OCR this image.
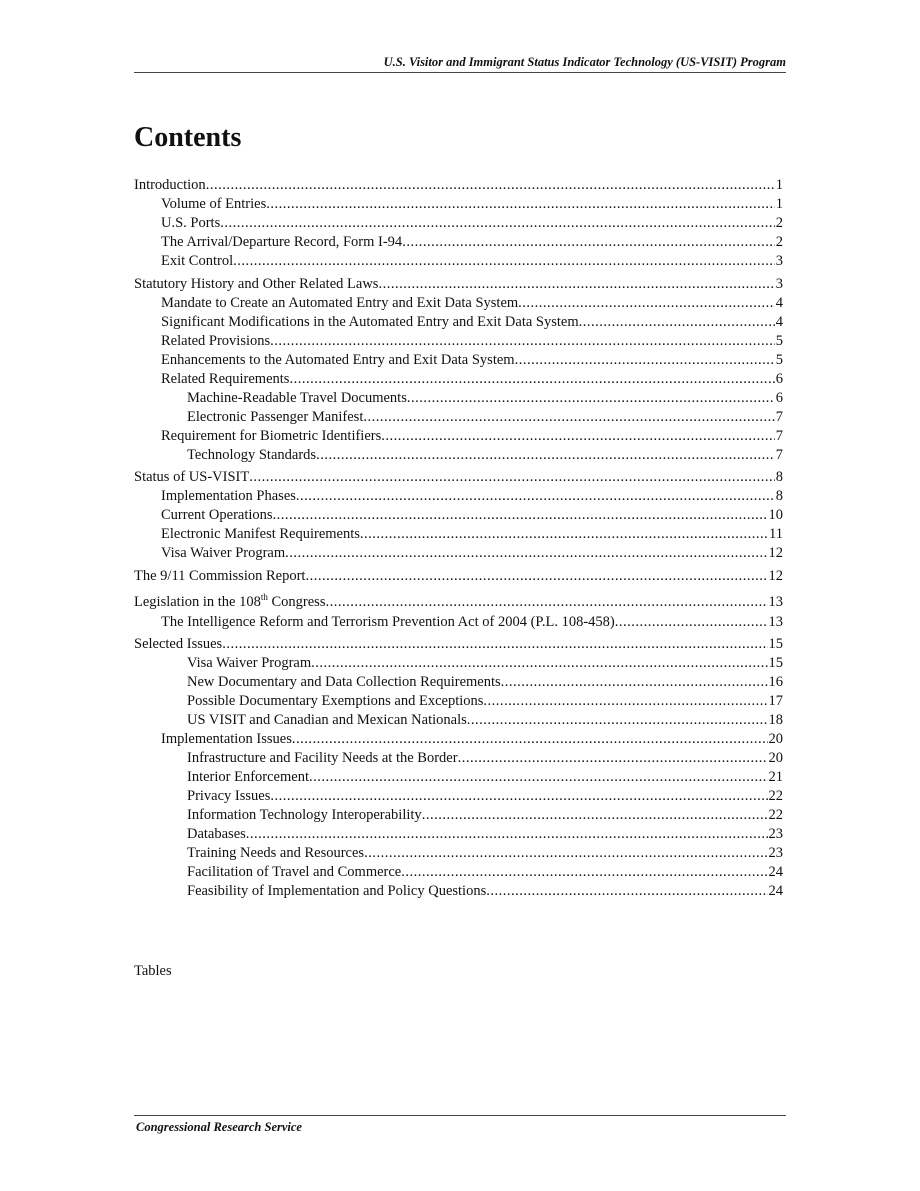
U.S. Visitor and Immigrant Status Indicator Technology (US-VISIT) Program
Contents
Introduction .....	1
Volume of Entries .....	1
U.S. Ports .....	2
The Arrival/Departure Record, Form I-94 .....	2
Exit Control .....	3
Statutory History and Other Related Laws .....	3
Mandate to Create an Automated Entry and Exit Data System .....	4
Significant Modifications in the Automated Entry and Exit Data System .....	4
Related Provisions .....	5
Enhancements to the Automated Entry and Exit Data System .....	5
Related Requirements .....	6
Machine-Readable Travel Documents .....	6
Electronic Passenger Manifest .....	7
Requirement for Biometric Identifiers .....	7
Technology Standards .....	7
Status of US-VISIT .....	8
Implementation Phases .....	8
Current Operations .....	10
Electronic Manifest Requirements .....	11
Visa Waiver Program .....	12
The 9/11 Commission Report .....	12
Legislation in the 108th Congress .....	13
The Intelligence Reform and Terrorism Prevention Act of 2004 (P.L. 108-458) .....	13
Selected Issues .....	15
Visa Waiver Program .....	15
New Documentary and Data Collection Requirements .....	16
Possible Documentary Exemptions and Exceptions .....	17
US VISIT and Canadian and Mexican Nationals .....	18
Implementation Issues .....	20
Infrastructure and Facility Needs at the Border .....	20
Interior Enforcement .....	21
Privacy Issues .....	22
Information Technology Interoperability .....	22
Databases .....	23
Training Needs and Resources .....	23
Facilitation of Travel and Commerce .....	24
Feasibility of Implementation and Policy Questions .....	24
Tables
Congressional Research Service
